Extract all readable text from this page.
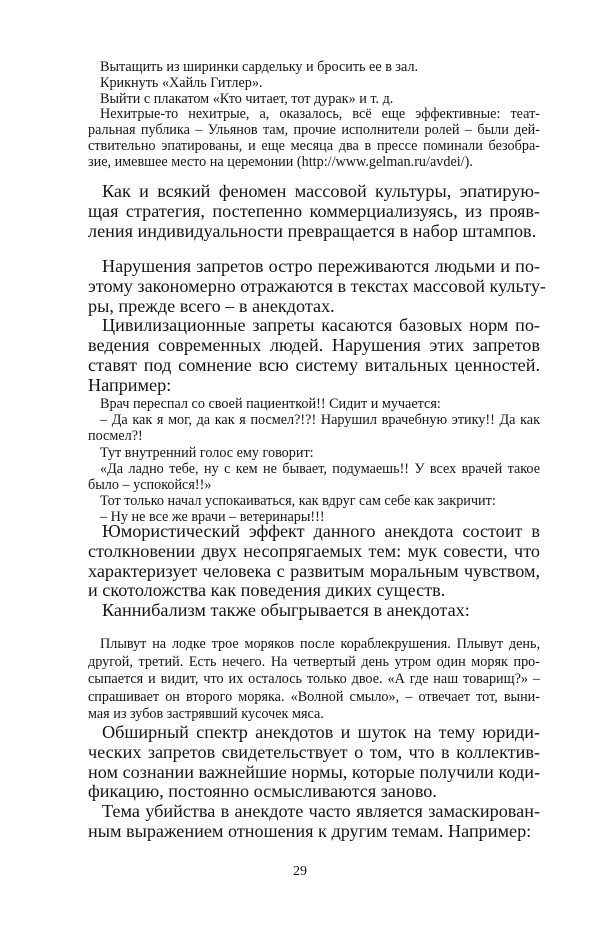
Вытащить из ширинки сардельку и бросить ее в зал.
Крикнуть «Хайль Гитлер».
Выйти с плакатом «Кто читает, тот дурак» и т. д.
Нехитрые-то нехитрые, а, оказалось, всё еще эффективные: теат-
ральная публика – Ульянов там, прочие исполнители ролей – были дей-
ствительно эпатированы, и еще месяца два в прессе поминали безобра-
зие, имевшее место на церемонии (http://www.gelman.ru/avdei/).
Как и всякий феномен массовой культуры, эпатирую-
щая стратегия, постепенно коммерциализуясь, из прояв-
ления индивидуальности превращается в набор штампов.
Нарушения запретов остро переживаются людьми и по-
этому закономерно отражаются в текстах массовой культу-
ры, прежде всего – в анекдотах.
Цивилизационные запреты касаются базовых норм по-
ведения современных людей. Нарушения этих запретов
ставят под сомнение всю систему витальных ценностей.
Например:
Врач переспал со своей пациенткой!! Сидит и мучается:
– Да как я мог, да как я посмел?!?! Нарушил врачебную этику!! Да как
посмел?!
Тут внутренний голос ему говорит:
«Да ладно тебе, ну с кем не бывает, подумаешь!! У всех врачей такое
было – успокойся!!»
Тот только начал успокаиваться, как вдруг сам себе как закричит:
– Ну не все же врачи – ветеринары!!!
Юмористический эффект данного анекдота состоит в
столкновении двух несопрягаемых тем: мук совести, что
характеризует человека с развитым моральным чувством,
и скотоложства как поведения диких существ.
Каннибализм также обыгрывается в анекдотах:
Плывут на лодке трое моряков после кораблекрушения. Плывут день,
другой, третий. Есть нечего. На четвертый день утром один моряк про-
сыпается и видит, что их осталось только двое. «А где наш товарищ?» –
спрашивает он второго моряка. «Волной смыло», – отвечает тот, выни-
мая из зубов застрявший кусочек мяса.
Обширный спектр анекдотов и шуток на тему юриди-
ческих запретов свидетельствует о том, что в коллектив-
ном сознании важнейшие нормы, которые получили коди-
фикацию, постоянно осмысливаются заново.
Тема убийства в анекдоте часто является замаскирован-
ным выражением отношения к другим темам. Например:
29
